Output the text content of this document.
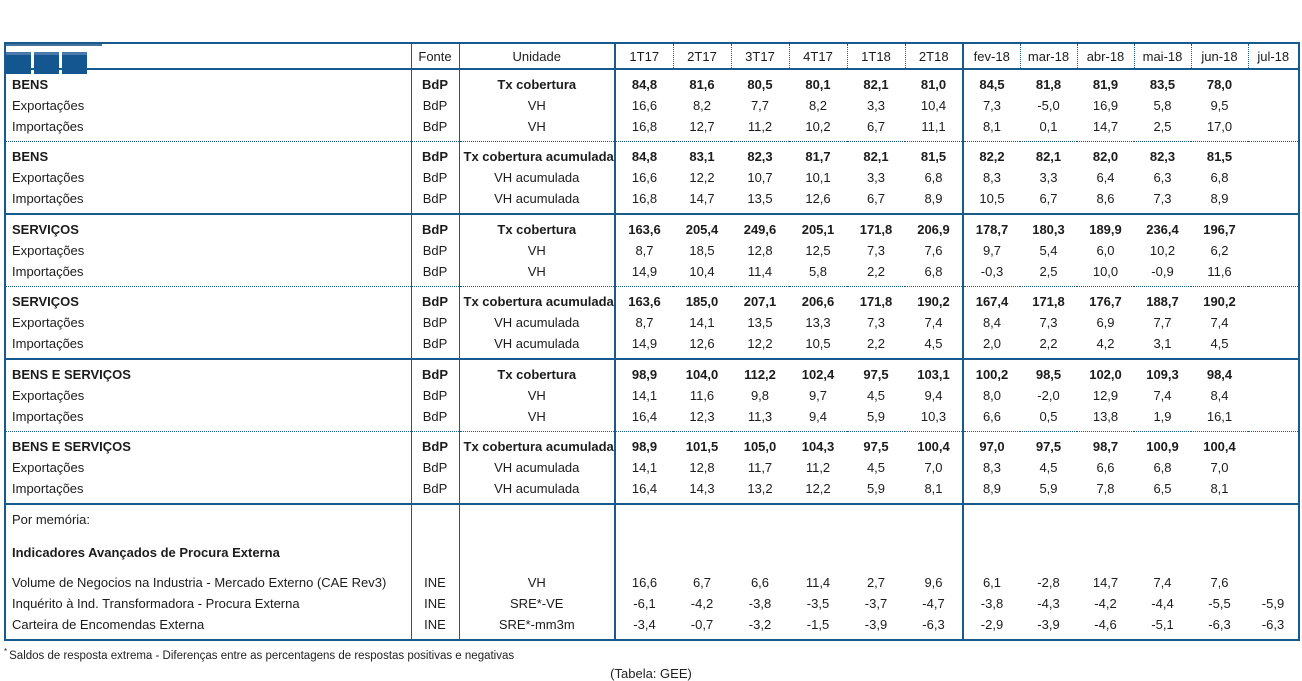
	Fonte	Unidade	1T17	2T17	3T17	4T17	1T18	2T18	fev-18	mar-18	abr-18	mai-18	jun-18	jul-18
BENS	BdP	Tx cobertura	84,8	81,6	80,5	80,1	82,1	81,0	84,5	81,8	81,9	83,5	78,0	
Exportações	BdP	VH	16,6	8,2	7,7	8,2	3,3	10,4	7,3	-5,0	16,9	5,8	9,5	
Importações	BdP	VH	16,8	12,7	11,2	10,2	6,7	11,1	8,1	0,1	14,7	2,5	17,0	
BENS	BdP	Tx cobertura acumulada	84,8	83,1	82,3	81,7	82,1	81,5	82,2	82,1	82,0	82,3	81,5	
Exportações	BdP	VH acumulada	16,6	12,2	10,7	10,1	3,3	6,8	8,3	3,3	6,4	6,3	6,8	
Importações	BdP	VH acumulada	16,8	14,7	13,5	12,6	6,7	8,9	10,5	6,7	8,6	7,3	8,9	
SERVIÇOS	BdP	Tx cobertura	163,6	205,4	249,6	205,1	171,8	206,9	178,7	180,3	189,9	236,4	196,7	
Exportações	BdP	VH	8,7	18,5	12,8	12,5	7,3	7,6	9,7	5,4	6,0	10,2	6,2	
Importações	BdP	VH	14,9	10,4	11,4	5,8	2,2	6,8	-0,3	2,5	10,0	-0,9	11,6	
SERVIÇOS	BdP	Tx cobertura acumulada	163,6	185,0	207,1	206,6	171,8	190,2	167,4	171,8	176,7	188,7	190,2	
Exportações	BdP	VH acumulada	8,7	14,1	13,5	13,3	7,3	7,4	8,4	7,3	6,9	7,7	7,4	
Importações	BdP	VH acumulada	14,9	12,6	12,2	10,5	2,2	4,5	2,0	2,2	4,2	3,1	4,5	
BENS E SERVIÇOS	BdP	Tx cobertura	98,9	104,0	112,2	102,4	97,5	103,1	100,2	98,5	102,0	109,3	98,4	
Exportações	BdP	VH	14,1	11,6	9,8	9,7	4,5	9,4	8,0	-2,0	12,9	7,4	8,4	
Importações	BdP	VH	16,4	12,3	11,3	9,4	5,9	10,3	6,6	0,5	13,8	1,9	16,1	
BENS E SERVIÇOS	BdP	Tx cobertura acumulada	98,9	101,5	105,0	104,3	97,5	100,4	97,0	97,5	98,7	100,9	100,4	
Exportações	BdP	VH acumulada	14,1	12,8	11,7	11,2	4,5	7,0	8,3	4,5	6,6	6,8	7,0	
Importações	BdP	VH acumulada	16,4	14,3	13,2	12,2	5,9	8,1	8,9	5,9	7,8	6,5	8,1	
Por memória:														
Indicadores Avançados de Procura Externa														
Volume de Negocios na Industria - Mercado Externo (CAE Rev3)	INE	VH	16,6	6,7	6,6	11,4	2,7	9,6	6,1	-2,8	14,7	7,4	7,6	
Inquérito à Ind. Transformadora - Procura Externa	INE	SRE*-VE	-6,1	-4,2	-3,8	-3,5	-3,7	-4,7	-3,8	-4,3	-4,2	-4,4	-5,5	-5,9
Carteira de Encomendas Externa	INE	SRE*-mm3m	-3,4	-0,7	-3,2	-1,5	-3,9	-6,3	-2,9	-3,9	-4,6	-5,1	-6,3	-6,3
* Saldos de resposta extrema - Diferenças entre as percentagens de respostas positivas e negativas
(Tabela: GEE)
